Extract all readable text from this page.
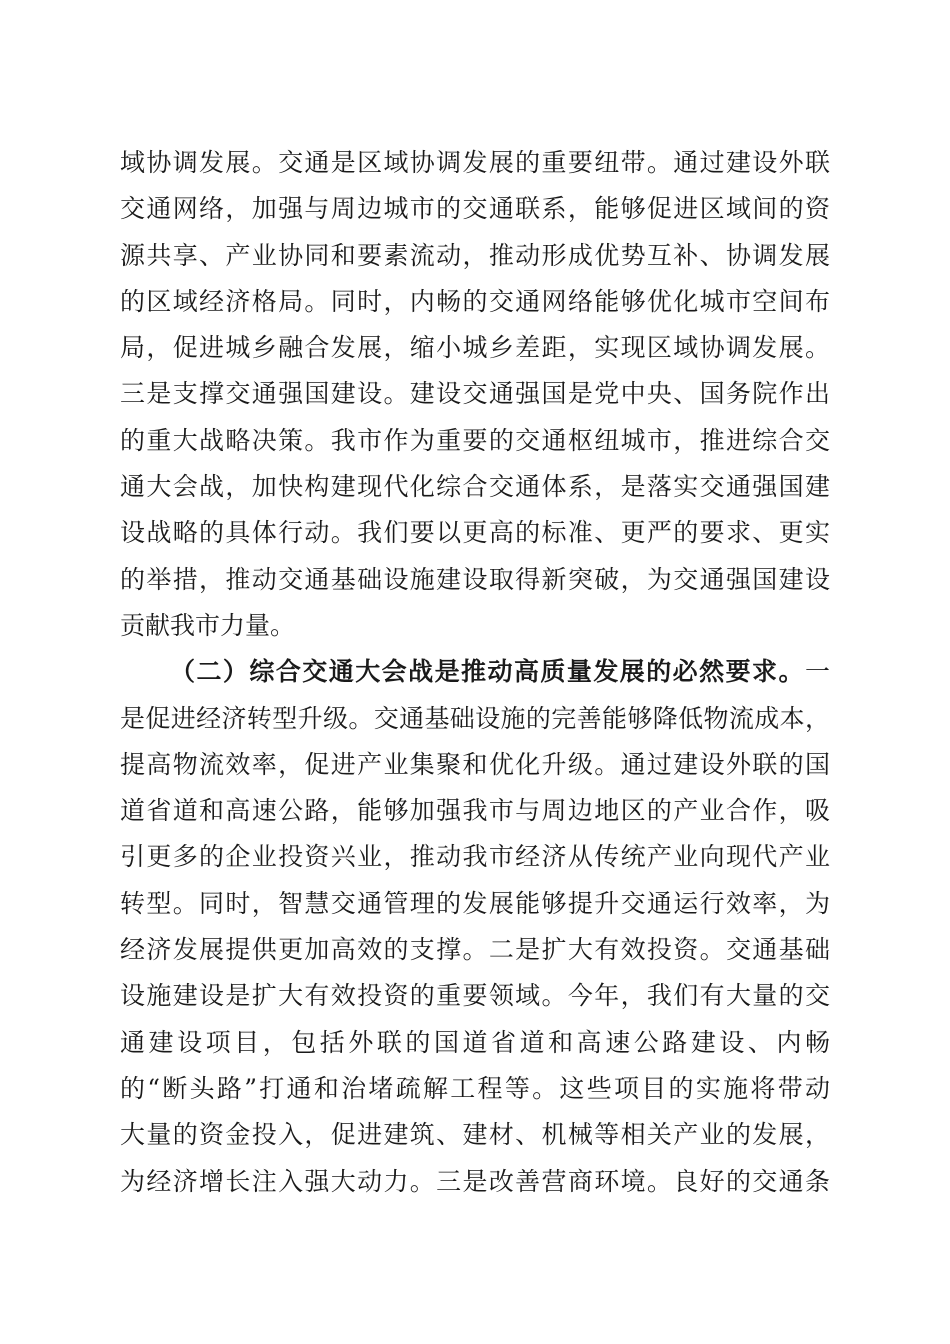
域协调发展。交通是区域协调发展的重要纽带。通过建设外联
交通网络，加强与周边城市的交通联系，能够促进区域间的资
源共享、产业协同和要素流动，推动形成优势互补、协调发展
的区域经济格局。同时，内畅的交通网络能够优化城市空间布
局，促进城乡融合发展，缩小城乡差距，实现区域协调发展。
三是支撑交通强国建设。建设交通强国是党中央、国务院作出
的重大战略决策。我市作为重要的交通枢纽城市，推进综合交
通大会战，加快构建现代化综合交通体系，是落实交通强国建
设战略的具体行动。我们要以更高的标准、更严的要求、更实
的举措，推动交通基础设施建设取得新突破，为交通强国建设
贡献我市力量。
（二）综合交通大会战是推动高质量发展的必然要求。一
是促进经济转型升级。交通基础设施的完善能够降低物流成本，
提高物流效率，促进产业集聚和优化升级。通过建设外联的国
道省道和高速公路，能够加强我市与周边地区的产业合作，吸
引更多的企业投资兴业，推动我市经济从传统产业向现代产业
转型。同时，智慧交通管理的发展能够提升交通运行效率，为
经济发展提供更加高效的支撑。二是扩大有效投资。交通基础
设施建设是扩大有效投资的重要领域。今年，我们有大量的交
通建设项目，包括外联的国道省道和高速公路建设、内畅
的“断头路”打通和治堵疏解工程等。这些项目的实施将带动
大量的资金投入，促进建筑、建材、机械等相关产业的发展，
为经济增长注入强大动力。三是改善营商环境。良好的交通条
